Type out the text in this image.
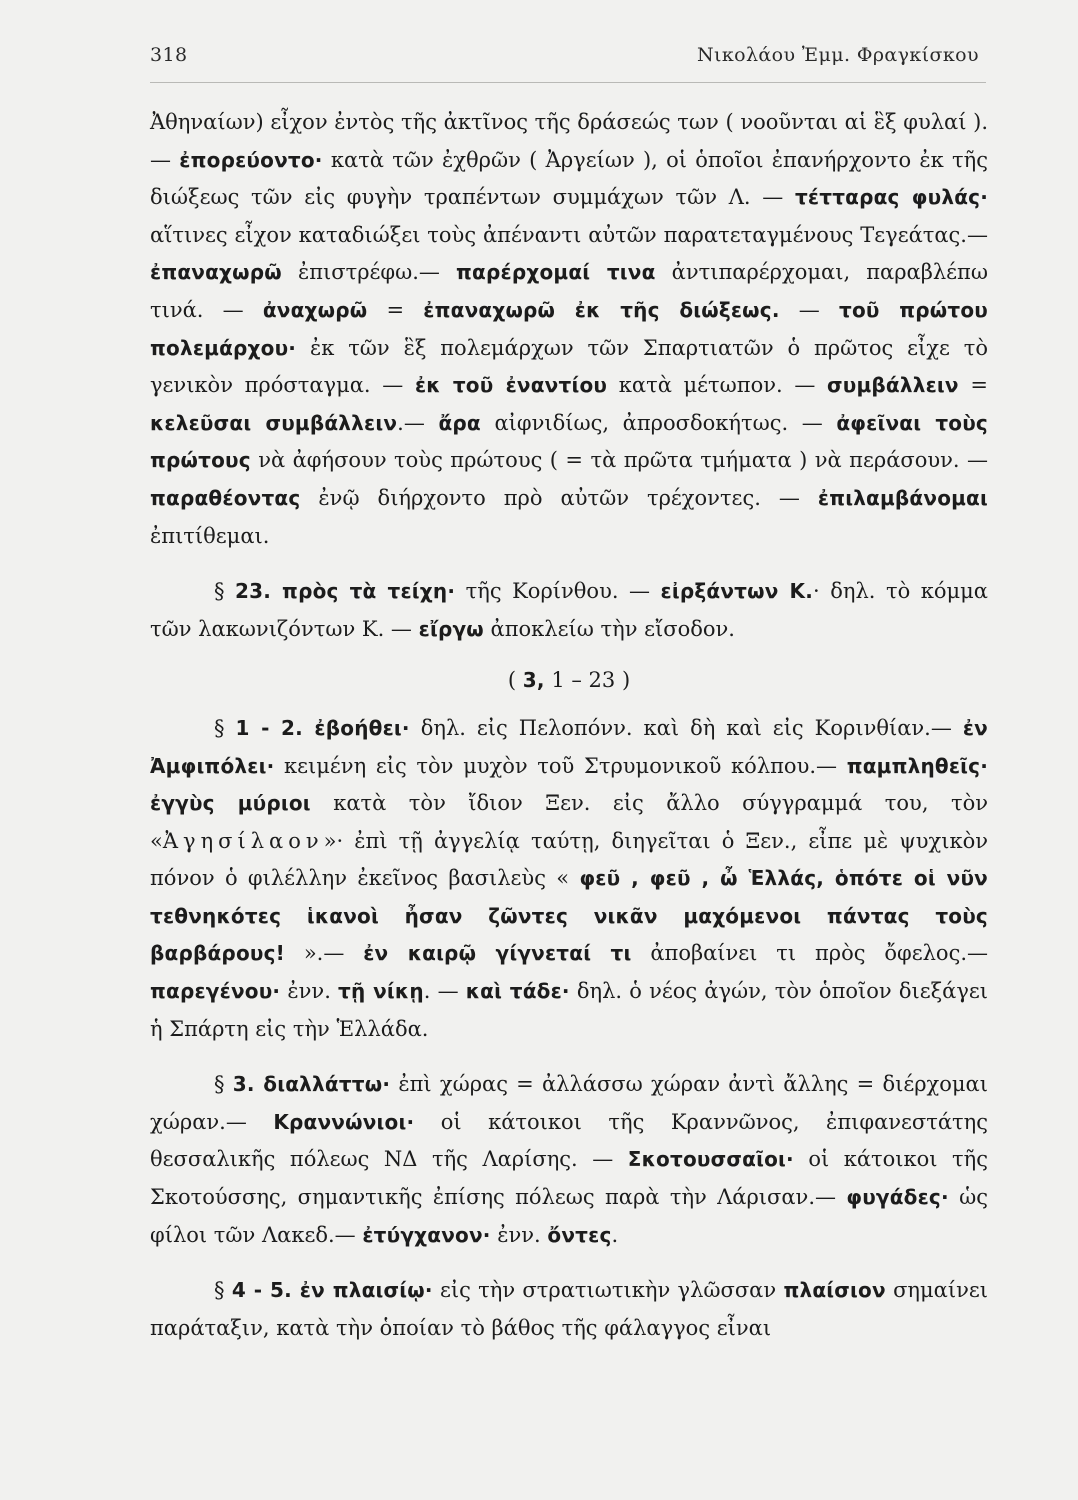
318	Νικολάου Ἐμμ. Φραγκίσκου

Ἀθηναίων) εἶχον ἐντὸς τῆς ἀκτῖνος τῆς δράσεώς των ( νοοῦνται αἱ ἓξ φυλαί ).— ἐπορεύοντο· κατὰ τῶν ἐχθρῶν ( Ἀργείων ), οἱ ὁποῖοι ἐπανήρχοντο ἐκ τῆς διώξεως τῶν εἰς φυγὴν τραπέντων συμμάχων τῶν Λ. — τέτταρας φυλάς· αἵτινες εἶχον καταδιώξει τοὺς ἀπέναντι αὐτῶν παρατεταγμένους Τεγεάτας.— ἐπαναχωρῶ ἐπιστρέφω.— παρέρχομαί τινα ἀντιπαρέρχομαι, παραβλέπω τινά. — ἀναχωρῶ = ἐπαναχωρῶ ἐκ τῆς διώξεως. — τοῦ πρώτου πολεμάρχου· ἐκ τῶν ἓξ πολεμάρχων τῶν Σπαρτιατῶν ὁ πρῶτος εἶχε τὸ γενικὸν πρόσταγμα. — ἐκ τοῦ ἐναντίου κατὰ μέτωπον. — συμβάλλειν = κελεῦσαι συμβάλλειν.— ἄρα αἰφνιδίως, ἀπροσδοκήτως. — ἀφεῖναι τοὺς πρώτους νὰ ἀφήσουν τοὺς πρώτους ( = τὰ πρῶτα τμήματα ) νὰ περάσουν. — παραθέοντας ἐνῷ διήρχοντο πρὸ αὐτῶν τρέχοντες. — ἐπιλαμβάνομαι ἐπιτίθεμαι.

§ 23. πρὸς τὰ τείχη· τῆς Κορίνθου. — εἰρξάντων Κ.· δηλ. τὸ κόμμα τῶν λακωνιζόντων Κ. — εἴργω ἀποκλείω τὴν εἴσοδον.

( 3, 1 – 23 )

§ 1 - 2. ἐβοήθει· δηλ. εἰς Πελοπόνν. καὶ δὴ καὶ εἰς Κορινθίαν.— ἐν Ἀμφιπόλει· κειμένη εἰς τὸν μυχὸν τοῦ Στρυμονικοῦ κόλπου.— παμπληθεῖς· ἐγγὺς μύριοι κατὰ τὸν ἴδιον Ξεν. εἰς ἄλλο σύγγραμμά του, τὸν «Ἀγησίλαον»· ἐπὶ τῇ ἀγγελίᾳ ταύτῃ, διηγεῖται ὁ Ξεν., εἶπε μὲ ψυχικὸν πόνον ὁ φιλέλλην ἐκεῖνος βασιλεὺς « φεῦ , φεῦ , ὦ Ἑλλάς, ὁπότε οἱ νῦν τεθνηκότες ἱκανοὶ ἦσαν ζῶντες νικᾶν μαχόμενοι πάντας τοὺς βαρβάρους! ».— ἐν καιρῷ γίγνεταί τι ἀποβαίνει τι πρὸς ὄφελος.— παρεγένου· ἐνν. τῇ νίκῃ. — καὶ τάδε· δηλ. ὁ νέος ἀγών, τὸν ὁποῖον διεξάγει ἡ Σπάρτη εἰς τὴν Ἑλλάδα.

§ 3. διαλλάττω· ἐπὶ χώρας = ἀλλάσσω χώραν ἀντὶ ἄλλης = διέρχομαι χώραν.— Κραννώνιοι· οἱ κάτοικοι τῆς Κραννῶνος, ἐπιφανεστάτης θεσσαλικῆς πόλεως ΝΔ τῆς Λαρίσης. — Σκοτουσσαῖοι· οἱ κάτοικοι τῆς Σκοτούσσης, σημαντικῆς ἐπίσης πόλεως παρὰ τὴν Λάρισαν.— φυγάδες· ὡς φίλοι τῶν Λακεδ.— ἐτύγχανον· ἐνν. ὄντες.

§ 4 - 5. ἐν πλαισίῳ· εἰς τὴν στρατιωτικὴν γλῶσσαν πλαίσιον σημαίνει παράταξιν, κατὰ τὴν ὁποίαν τὸ βάθος τῆς φάλαγγος εἶναι
